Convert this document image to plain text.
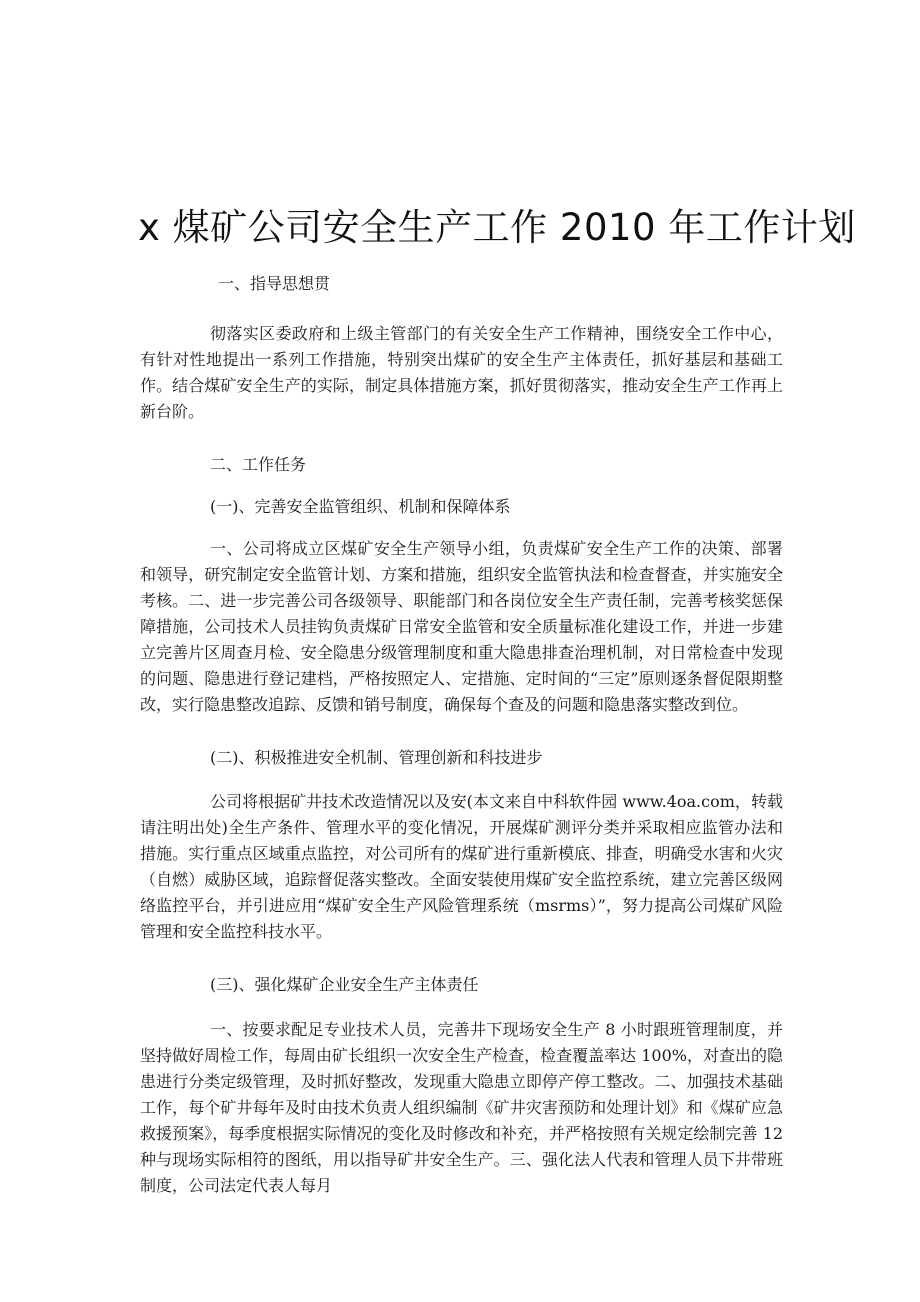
x 煤矿公司安全生产工作 2010 年工作计划

一、指导思想贯

彻落实区委政府和上级主管部门的有关安全生产工作精神，围绕安全工作中心，有针对性地提出一系列工作措施，特别突出煤矿的安全生产主体责任，抓好基层和基础工作。结合煤矿安全生产的实际，制定具体措施方案，抓好贯彻落实，推动安全生产工作再上新台阶。

二、工作任务

(一)、完善安全监管组织、机制和保障体系

一、公司将成立区煤矿安全生产领导小组，负责煤矿安全生产工作的决策、部署和领导，研究制定安全监管计划、方案和措施，组织安全监管执法和检查督查，并实施安全考核。二、进一步完善公司各级领导、职能部门和各岗位安全生产责任制，完善考核奖惩保障措施，公司技术人员挂钩负责煤矿日常安全监管和安全质量标准化建设工作，并进一步建立完善片区周查月检、安全隐患分级管理制度和重大隐患排查治理机制，对日常检查中发现的问题、隐患进行登记建档，严格按照定人、定措施、定时间的“三定”原则逐条督促限期整改，实行隐患整改追踪、反馈和销号制度，确保每个查及的问题和隐患落实整改到位。

(二)、积极推进安全机制、管理创新和科技进步

公司将根据矿井技术改造情况以及安(本文来自中科软件园 www.4oa.com，转载请注明出处)全生产条件、管理水平的变化情况，开展煤矿测评分类并采取相应监管办法和措施。实行重点区域重点监控，对公司所有的煤矿进行重新模底、排查，明确受水害和火灾（自燃）威胁区域，追踪督促落实整改。全面安装使用煤矿安全监控系统，建立完善区级网络监控平台，并引进应用“煤矿安全生产风险管理系统（msrms）”，努力提高公司煤矿风险管理和安全监控科技水平。

(三)、强化煤矿企业安全生产主体责任

一、按要求配足专业技术人员，完善井下现场安全生产 8 小时跟班管理制度，并坚持做好周检工作，每周由矿长组织一次安全生产检查，检查覆盖率达 100%，对查出的隐患进行分类定级管理，及时抓好整改，发现重大隐患立即停产停工整改。二、加强技术基础工作，每个矿井每年及时由技术负责人组织编制《矿井灾害预防和处理计划》和《煤矿应急救援预案》，每季度根据实际情况的变化及时修改和补充，并严格按照有关规定绘制完善 12 种与现场实际相符的图纸，用以指导矿井安全生产。三、强化法人代表和管理人员下井带班制度，公司法定代表人每月
